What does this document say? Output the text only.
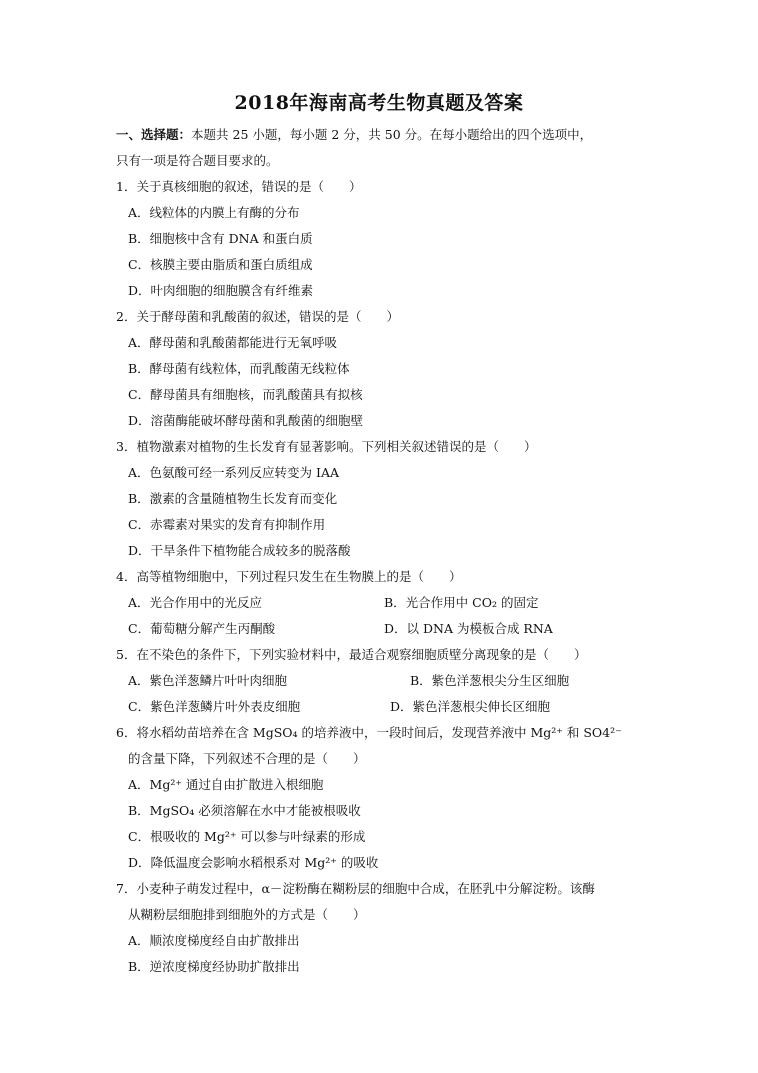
2018年海南高考生物真题及答案
一、选择题：本题共 25 小题，每小题 2 分，共 50 分。在每小题给出的四个选项中，
只有一项是符合题目要求的。
1．关于真核细胞的叙述，错误的是（　　）
A．线粒体的内膜上有酶的分布
B．细胞核中含有 DNA 和蛋白质
C．核膜主要由脂质和蛋白质组成
D．叶肉细胞的细胞膜含有纤维素
2．关于酵母菌和乳酸菌的叙述，错误的是（　　）
A．酵母菌和乳酸菌都能进行无氧呼吸
B．酵母菌有线粒体，而乳酸菌无线粒体
C．酵母菌具有细胞核，而乳酸菌具有拟核
D．溶菌酶能破坏酵母菌和乳酸菌的细胞壁
3．植物激素对植物的生长发育有显著影响。下列相关叙述错误的是（　　）
A．色氨酸可经一系列反应转变为 IAA
B．激素的含量随植物生长发育而变化
C．赤霉素对果实的发育有抑制作用
D．干旱条件下植物能合成较多的脱落酸
4．高等植物细胞中，下列过程只发生在生物膜上的是（　　）
A．光合作用中的光反应	B．光合作用中 CO₂ 的固定
C．葡萄糖分解产生丙酮酸	D．以 DNA 为模板合成 RNA
5．在不染色的条件下，下列实验材料中，最适合观察细胞质壁分离现象的是（　　）
A．紫色洋葱鳞片叶叶肉细胞	B．紫色洋葱根尖分生区细胞
C．紫色洋葱鳞片叶外表皮细胞	D．紫色洋葱根尖伸长区细胞
6．将水稻幼苗培养在含 MgSO₄ 的培养液中，一段时间后，发现营养液中 Mg²⁺ 和 SO4²⁻
的含量下降，下列叙述不合理的是（　　）
A．Mg²⁺ 通过自由扩散进入根细胞
B．MgSO₄ 必须溶解在水中才能被根吸收
C．根吸收的 Mg²⁺ 可以参与叶绿素的形成
D．降低温度会影响水稻根系对 Mg²⁺ 的吸收
7．小麦种子萌发过程中，α－淀粉酶在糊粉层的细胞中合成，在胚乳中分解淀粉。该酶
从糊粉层细胞排到细胞外的方式是（　　）
A．顺浓度梯度经自由扩散排出
B．逆浓度梯度经协助扩散排出
